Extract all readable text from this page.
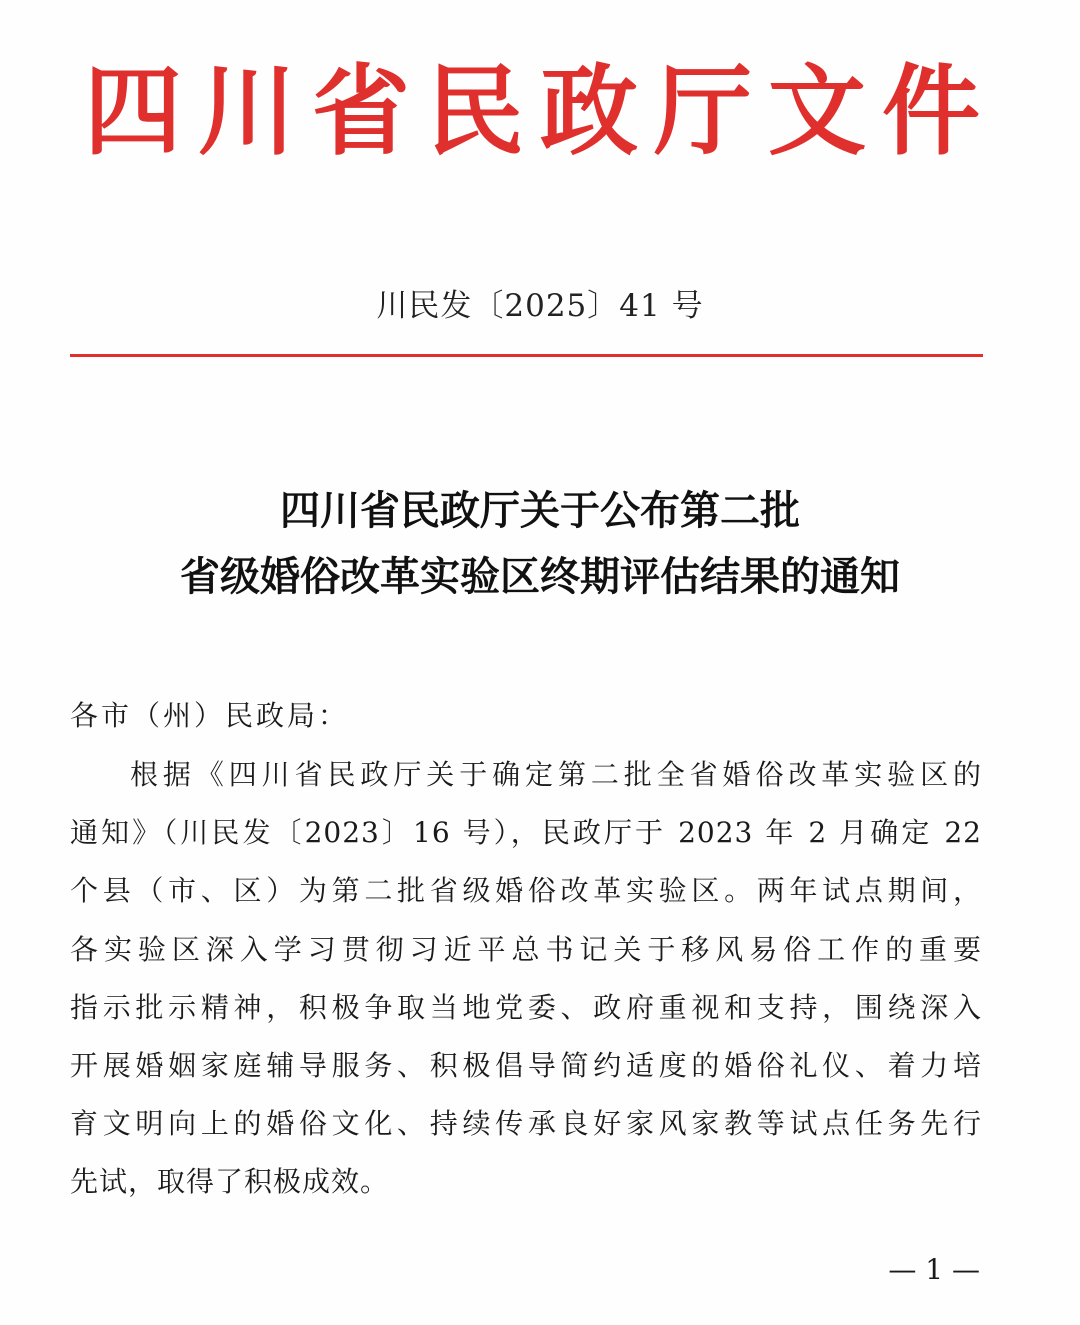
四川省民政厅文件
川民发〔2025〕41 号
四川省民政厅关于公布第二批
省级婚俗改革实验区终期评估结果的通知
各市（州）民政局：
根据《四川省民政厅关于确定第二批全省婚俗改革实验区的
通知》（川民发〔2023〕16 号），民政厅于 2023 年 2 月确定 22
个县（市、区）为第二批省级婚俗改革实验区。两年试点期间，
各实验区深入学习贯彻习近平总书记关于移风易俗工作的重要
指示批示精神，积极争取当地党委、政府重视和支持，围绕深入
开展婚姻家庭辅导服务、积极倡导简约适度的婚俗礼仪、着力培
育文明向上的婚俗文化、持续传承良好家风家教等试点任务先行
先试，取得了积极成效。
— 1 —
